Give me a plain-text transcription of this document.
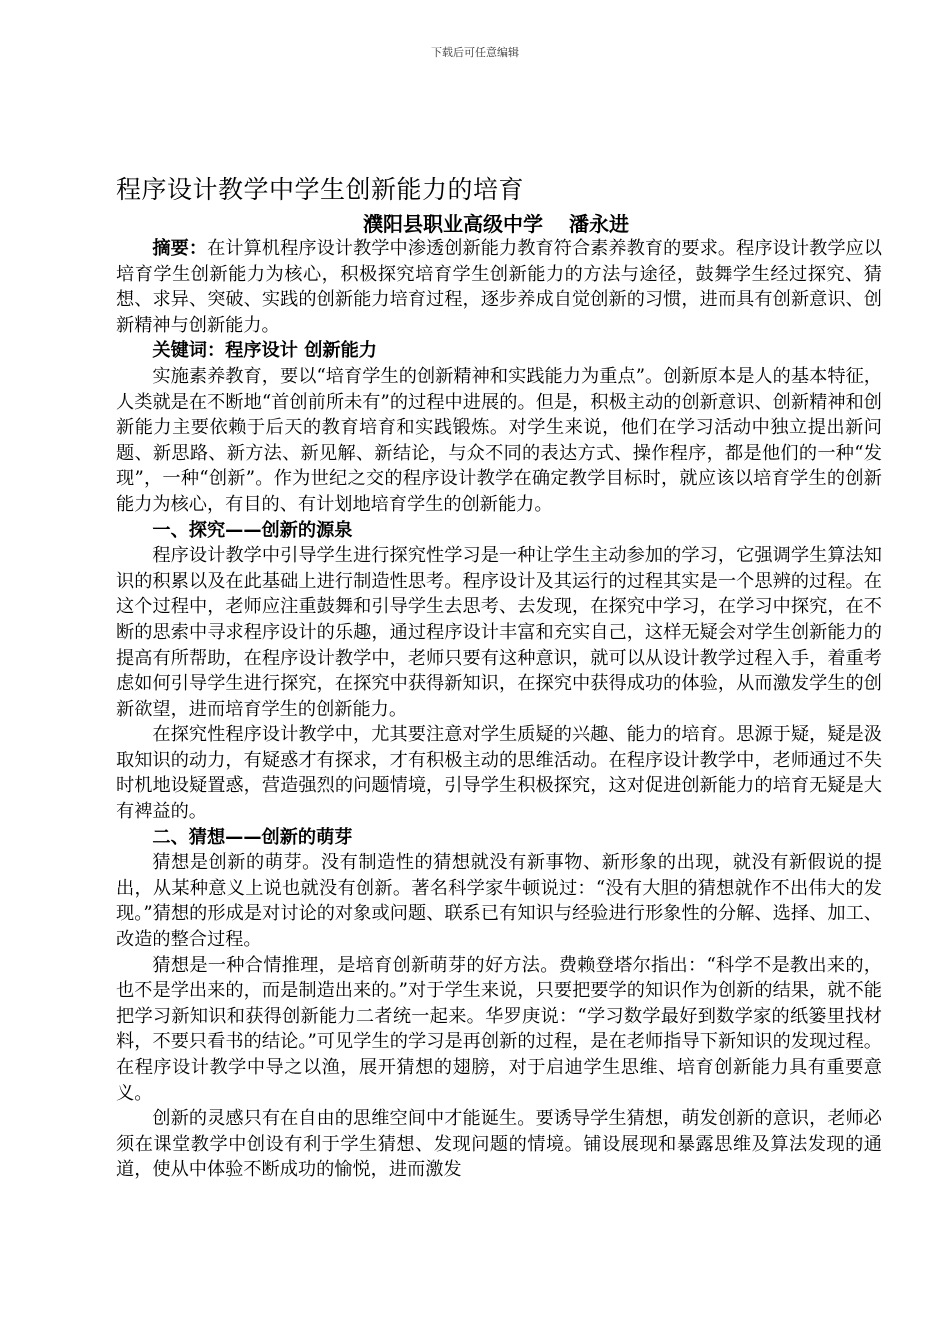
下载后可任意编辑
程序设计教学中学生创新能力的培育
濮阳县职业高级中学 潘永进

摘要：在计算机程序设计教学中渗透创新能力教育符合素养教育的要求。程序设计教学应以培育学生创新能力为核心，积极探究培育学生创新能力的方法与途径，鼓舞学生经过探究、猜想、求异、突破、实践的创新能力培育过程，逐步养成自觉创新的习惯，进而具有创新意识、创新精神与创新能力。

关键词：程序设计 创新能力

实施素养教育，要以“培育学生的创新精神和实践能力为重点”。创新原本是人的基本特征，人类就是在不断地“首创前所未有”的过程中进展的。但是，积极主动的创新意识、创新精神和创新能力主要依赖于后天的教育培育和实践锻炼。对学生来说，他们在学习活动中独立提出新问题、新思路、新方法、新见解、新结论，与众不同的表达方式、操作程序，都是他们的一种“发现”，一种“创新”。作为世纪之交的程序设计教学在确定教学目标时，就应该以培育学生的创新能力为核心，有目的、有计划地培育学生的创新能力。

一、探究——创新的源泉

程序设计教学中引导学生进行探究性学习是一种让学生主动参加的学习，它强调学生算法知识的积累以及在此基础上进行制造性思考。程序设计及其运行的过程其实是一个思辨的过程。在这个过程中，老师应注重鼓舞和引导学生去思考、去发现，在探究中学习，在学习中探究，在不断的思索中寻求程序设计的乐趣，通过程序设计丰富和充实自己，这样无疑会对学生创新能力的提高有所帮助，在程序设计教学中，老师只要有这种意识，就可以从设计教学过程入手，着重考虑如何引导学生进行探究，在探究中获得新知识，在探究中获得成功的体验，从而激发学生的创新欲望，进而培育学生的创新能力。

在探究性程序设计教学中，尤其要注意对学生质疑的兴趣、能力的培育。思源于疑，疑是汲取知识的动力，有疑惑才有探求，才有积极主动的思维活动。在程序设计教学中，老师通过不失时机地设疑置惑，营造强烈的问题情境，引导学生积极探究，这对促进创新能力的培育无疑是大有裨益的。

二、猜想——创新的萌芽

猜想是创新的萌芽。没有制造性的猜想就没有新事物、新形象的出现，就没有新假说的提出，从某种意义上说也就没有创新。著名科学家牛顿说过：“没有大胆的猜想就作不出伟大的发现。”猜想的形成是对讨论的对象或问题、联系已有知识与经验进行形象性的分解、选择、加工、改造的整合过程。

猜想是一种合情推理，是培育创新萌芽的好方法。费赖登塔尔指出：“科学不是教出来的，也不是学出来的，而是制造出来的。”对于学生来说，只要把要学的知识作为创新的结果，就不能把学习新知识和获得创新能力二者统一起来。华罗庚说：“学习数学最好到数学家的纸篓里找材料，不要只看书的结论。”可见学生的学习是再创新的过程，是在老师指导下新知识的发现过程。在程序设计教学中导之以渔，展开猜想的翅膀，对于启迪学生思维、培育创新能力具有重要意义。

创新的灵感只有在自由的思维空间中才能诞生。要诱导学生猜想，萌发创新的意识，老师必须在课堂教学中创设有利于学生猜想、发现问题的情境。铺设展现和暴露思维及算法发现的通道，使从中体验不断成功的愉悦，进而激发
